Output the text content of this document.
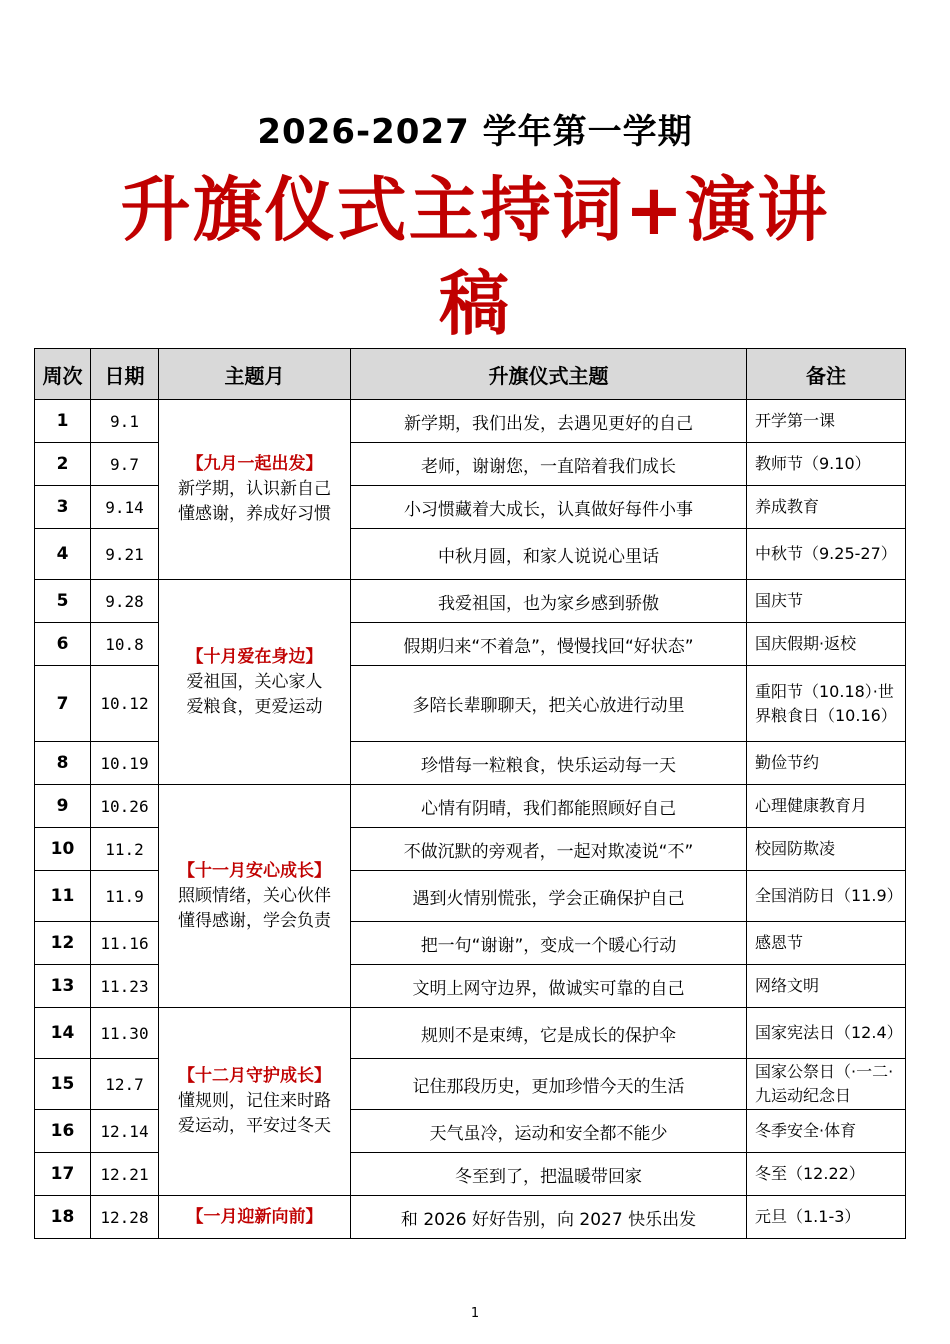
2026-2027 学年第一学期
升旗仪式主持词+演讲
稿
周次	日期	主题月	升旗仪式主题	备注
1	9.1	【九月一起出发】
新学期，认识新自己
懂感谢，养成好习惯	新学期，我们出发，去遇见更好的自己	开学第一课
2	9.7		老师，谢谢您，一直陪着我们成长	教师节（9.10）
3	9.14		小习惯藏着大成长，认真做好每件小事	养成教育
4	9.21		中秋月圆，和家人说说心里话	中秋节（9.25-27）
5	9.28	【十月爱在身边】
爱祖国，关心家人
爱粮食，更爱运动	我爱祖国，也为家乡感到骄傲	国庆节
6	10.8		假期归来“不着急”，慢慢找回“好状态”	国庆假期·返校
7	10.12		多陪长辈聊聊天，把关心放进行动里	重阳节（10.18）·世界粮食日（10.16）
8	10.19		珍惜每一粒粮食，快乐运动每一天	勤俭节约
9	10.26	【十一月安心成长】
照顾情绪，关心伙伴
懂得感谢，学会负责	心情有阴晴，我们都能照顾好自己	心理健康教育月
10	11.2		不做沉默的旁观者，一起对欺凌说“不”	校园防欺凌
11	11.9		遇到火情别慌张，学会正确保护自己	全国消防日（11.9）
12	11.16		把一句“谢谢”，变成一个暖心行动	感恩节
13	11.23		文明上网守边界，做诚实可靠的自己	网络文明
14	11.30	【十二月守护成长】
懂规则，记住来时路
爱运动，平安过冬天	规则不是束缚，它是成长的保护伞	国家宪法日（12.4）
15	12.7		记住那段历史，更加珍惜今天的生活	国家公祭日（·一二·九运动纪念日
16	12.14		天气虽冷，运动和安全都不能少	冬季安全·体育
17	12.21		冬至到了，把温暖带回家	冬至（12.22）
18	12.28	【一月迎新向前】	和 2026 好好告别，向 2027 快乐出发	元旦（1.1-3）
1
